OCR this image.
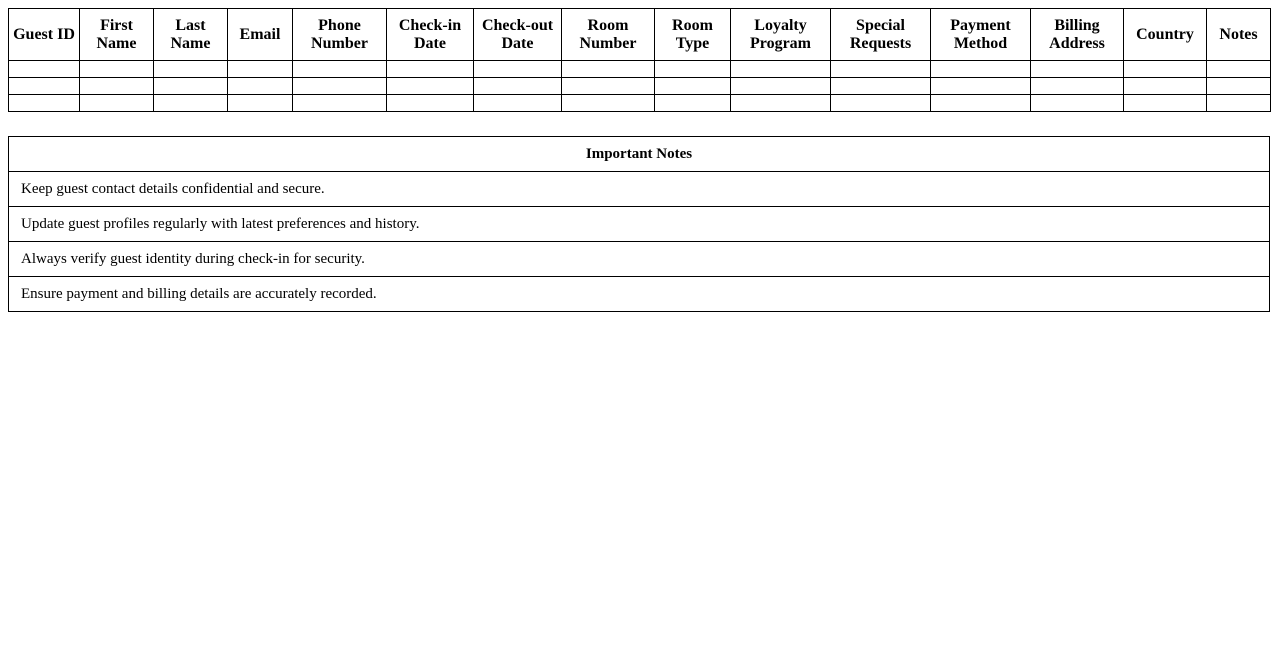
Guest ID	First Name	Last Name	Email	Phone Number	Check-in Date	Check-out Date	Room Number	Room Type	Loyalty Program	Special Requests	Payment Method	Billing Address	Country	Notes

Important Notes
Keep guest contact details confidential and secure.
Update guest profiles regularly with latest preferences and history.
Always verify guest identity during check-in for security.
Ensure payment and billing details are accurately recorded.
